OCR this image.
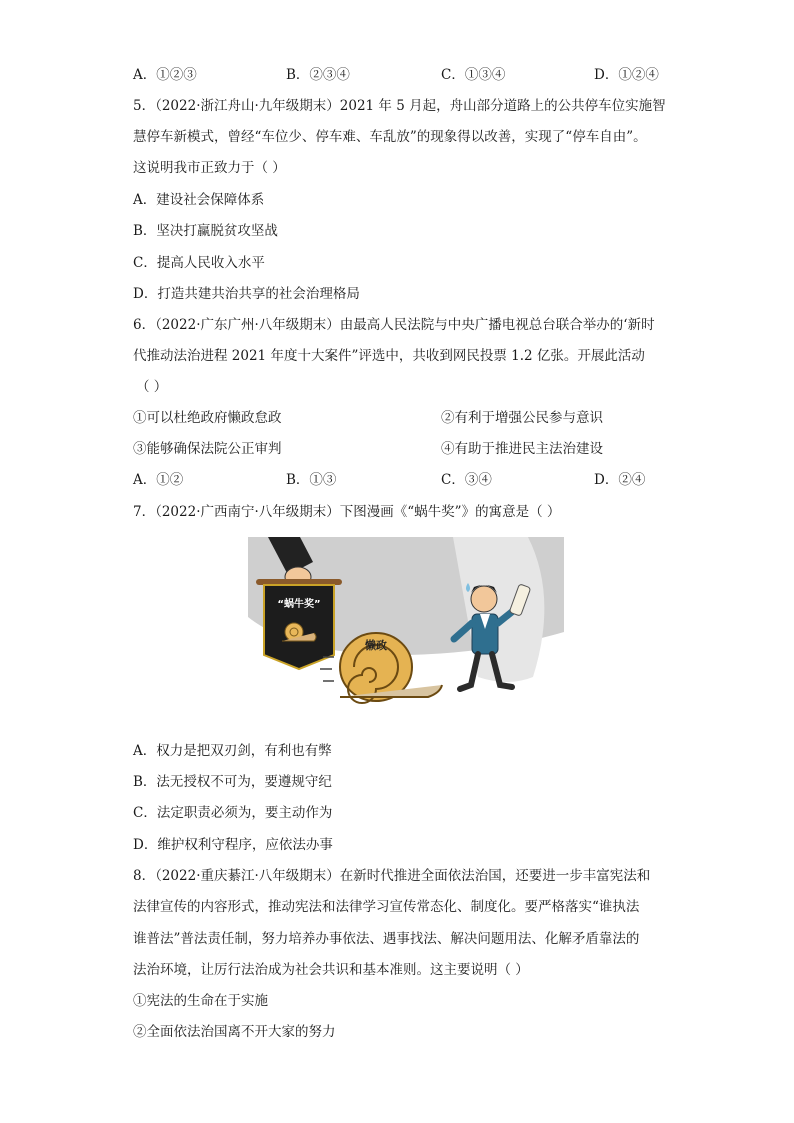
A．①②③	B．②③④	C．①③④	D．①②④
5．（2022·浙江舟山·九年级期末）2021 年 5 月起，舟山部分道路上的公共停车位实施智
慧停车新模式，曾经“车位少、停车难、车乱放”的现象得以改善，实现了“停车自由”。
这说明我市正致力于（ ）
A．建设社会保障体系
B．坚决打赢脱贫攻坚战
C．提高人民收入水平
D．打造共建共治共享的社会治理格局
6．（2022·广东广州·八年级期末）由最高人民法院与中央广播电视总台联合举办的‘新时
代推动法治进程 2021 年度十大案件”评选中，共收到网民投票 1.2 亿张。开展此活动
（ ）
①可以杜绝政府懒政怠政	②有利于增强公民参与意识
③能够确保法院公正审判	④有助于推进民主法治建设
A．①②	B．①③	C．③④	D．②④
7．（2022·广西南宁·八年级期末）下图漫画《“蜗牛奖”》的寓意是（ ）
“蜗牛奖”
懒政
A．权力是把双刃剑，有利也有弊
B．法无授权不可为，要遵规守纪
C．法定职责必须为，要主动作为
D．维护权利守程序，应依法办事
8．（2022·重庆綦江·八年级期末）在新时代推进全面依法治国，还要进一步丰富宪法和
法律宣传的内容形式，推动宪法和法律学习宣传常态化、制度化。要严格落实“谁执法
谁普法”普法责任制，努力培养办事依法、遇事找法、解决问题用法、化解矛盾靠法的
法治环境，让厉行法治成为社会共识和基本准则。这主要说明（ ）
①宪法的生命在于实施
②全面依法治国离不开大家的努力
